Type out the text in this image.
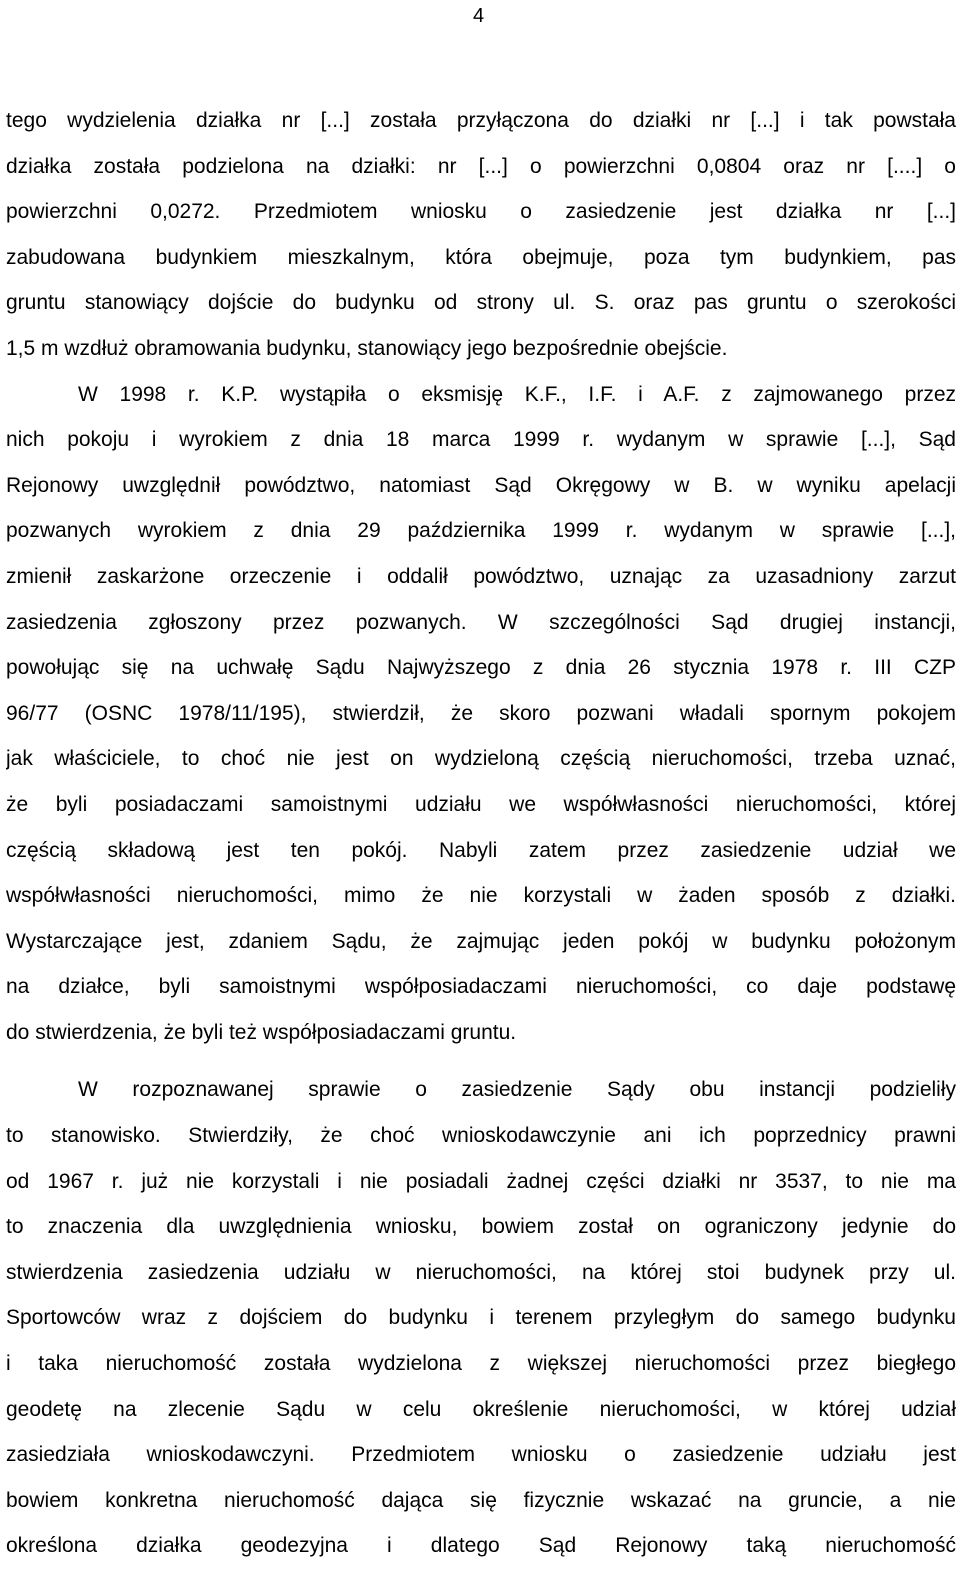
4
tego wydzielenia działka nr [...] została przyłączona do działki nr [...] i tak powstała
działka została podzielona na działki: nr [...] o powierzchni 0,0804 oraz nr [....] o
powierzchni 0,0272. Przedmiotem wniosku o zasiedzenie jest działka nr [...]
zabudowana budynkiem mieszkalnym, która obejmuje, poza tym budynkiem, pas
gruntu stanowiący dojście do budynku od strony ul. S. oraz pas gruntu o szerokości
1,5 m wzdłuż obramowania budynku, stanowiący jego bezpośrednie obejście.
W 1998 r. K.P. wystąpiła o eksmisję K.F., I.F. i A.F. z zajmowanego przez
nich pokoju i wyrokiem z dnia 18 marca 1999 r. wydanym w sprawie [...], Sąd
Rejonowy uwzględnił powództwo, natomiast Sąd Okręgowy w B. w wyniku apelacji
pozwanych wyrokiem z dnia 29 października 1999 r. wydanym w sprawie [...],
zmienił zaskarżone orzeczenie i oddalił powództwo, uznając za uzasadniony zarzut
zasiedzenia zgłoszony przez pozwanych. W szczególności Sąd drugiej instancji,
powołując się na uchwałę Sądu Najwyższego z dnia 26 stycznia 1978 r. III CZP
96/77 (OSNC 1978/11/195), stwierdził, że skoro pozwani władali spornym pokojem
jak właściciele, to choć nie jest on wydzieloną częścią nieruchomości, trzeba uznać,
że byli posiadaczami samoistnymi udziału we współwłasności nieruchomości, której
częścią składową jest ten pokój. Nabyli zatem przez zasiedzenie udział we
współwłasności nieruchomości, mimo że nie korzystali w żaden sposób z działki.
Wystarczające jest, zdaniem Sądu, że zajmując jeden pokój w budynku położonym
na działce, byli samoistnymi współposiadaczami nieruchomości, co daje podstawę
do stwierdzenia, że byli też współposiadaczami gruntu.
W rozpoznawanej sprawie o zasiedzenie Sądy obu instancji podzieliły
to stanowisko. Stwierdziły, że choć wnioskodawczynie ani ich poprzednicy prawni
od 1967 r. już nie korzystali i nie posiadali żadnej części działki nr 3537, to nie ma
to znaczenia dla uwzględnienia wniosku, bowiem został on ograniczony jedynie do
stwierdzenia zasiedzenia udziału w nieruchomości, na której stoi budynek przy ul.
Sportowców wraz z dojściem do budynku i terenem przyległym do samego budynku
i taka nieruchomość została wydzielona z większej nieruchomości przez biegłego
geodetę na zlecenie Sądu w celu określenie nieruchomości, w której udział
zasiedziała wnioskodawczyni. Przedmiotem wniosku o zasiedzenie udziału jest
bowiem konkretna nieruchomość dająca się fizycznie wskazać na gruncie, a nie
określona działka geodezyjna i dlatego Sąd Rejonowy taką nieruchomość
